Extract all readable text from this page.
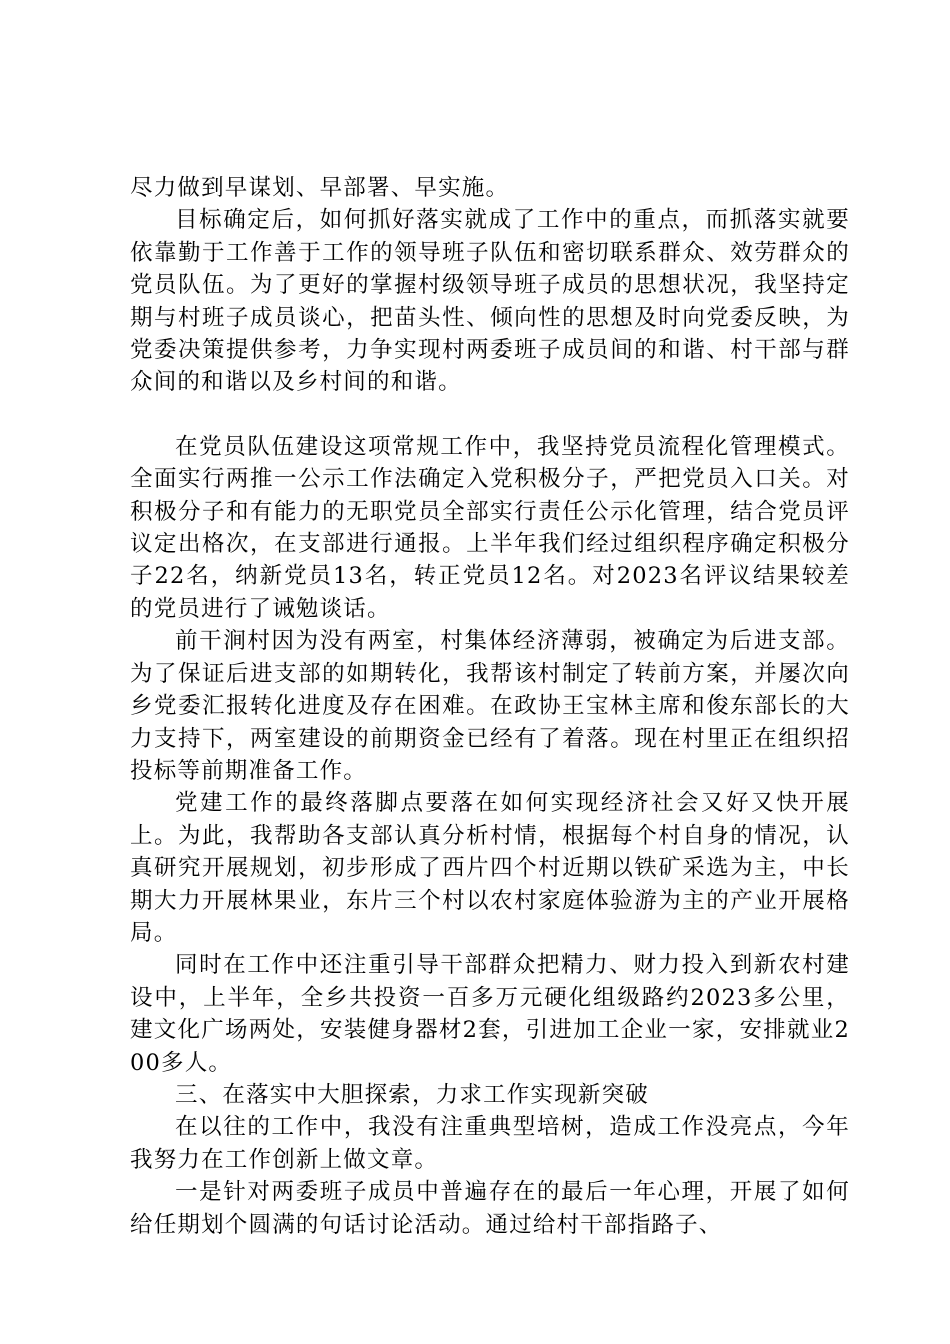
尽力做到早谋划、早部署、早实施。

目标确定后，如何抓好落实就成了工作中的重点，而抓落实就要依靠勤于工作善于工作的领导班子队伍和密切联系群众、效劳群众的党员队伍。为了更好的掌握村级领导班子成员的思想状况，我坚持定期与村班子成员谈心，把苗头性、倾向性的思想及时向党委反映，为党委决策提供参考，力争实现村两委班子成员间的和谐、村干部与群众间的和谐以及乡村间的和谐。

在党员队伍建设这项常规工作中，我坚持党员流程化管理模式。全面实行两推一公示工作法确定入党积极分子，严把党员入口关。对积极分子和有能力的无职党员全部实行责任公示化管理，结合党员评议定出格次，在支部进行通报。上半年我们经过组织程序确定积极分子22名，纳新党员13名，转正党员12名。对2023名评议结果较差的党员进行了诫勉谈话。

前干涧村因为没有两室，村集体经济薄弱，被确定为后进支部。为了保证后进支部的如期转化，我帮该村制定了转前方案，并屡次向乡党委汇报转化进度及存在困难。在政协王宝林主席和俊东部长的大力支持下，两室建设的前期资金已经有了着落。现在村里正在组织招投标等前期准备工作。

党建工作的最终落脚点要落在如何实现经济社会又好又快开展上。为此，我帮助各支部认真分析村情，根据每个村自身的情况，认真研究开展规划，初步形成了西片四个村近期以铁矿采选为主，中长期大力开展林果业，东片三个村以农村家庭体验游为主的产业开展格局。

同时在工作中还注重引导干部群众把精力、财力投入到新农村建设中，上半年，全乡共投资一百多万元硬化组级路约2023多公里，建文化广场两处，安装健身器材2套，引进加工企业一家，安排就业200多人。

三、在落实中大胆探索，力求工作实现新突破

在以往的工作中，我没有注重典型培树，造成工作没亮点，今年我努力在工作创新上做文章。

一是针对两委班子成员中普遍存在的最后一年心理，开展了如何给任期划个圆满的句话讨论活动。通过给村干部指路子、
